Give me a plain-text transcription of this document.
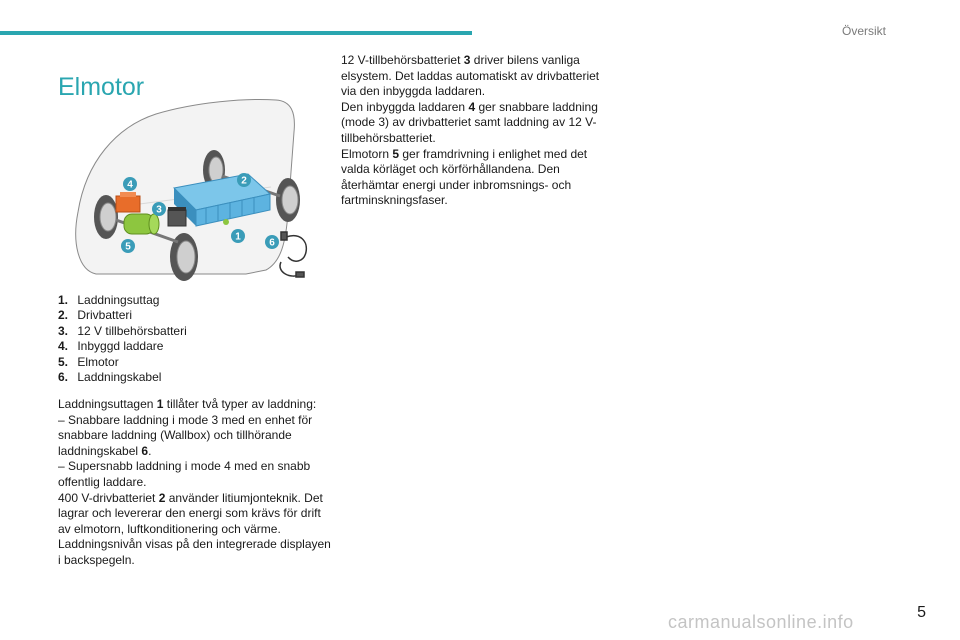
Översikt
Elmotor
1
2
3
4
5	6
1. Laddningsuttag
2. Drivbatteri
3. 12 V tillbehörsbatteri
4. Inbyggd laddare
5. Elmotor
6. Laddningskabel

Laddningsuttagen 1 tillåter två typer av laddning:

– Snabbare laddning i mode 3 med en enhet för snabbare laddning (Wallbox) och tillhörande laddningskabel 6.

– Supersnabb laddning i mode 4 med en snabb offentlig laddare.

400 V-drivbatteriet 2 använder litiumjonteknik. Det lagrar och levererar den energi som krävs för drift av elmotorn, luftkonditionering och värme. Laddningsnivån visas på den integrerade displayen i backspegeln.

12 V-tillbehörsbatteriet 3 driver bilens vanliga elsystem. Det laddas automatiskt av drivbatteriet via den inbyggda laddaren.

Den inbyggda laddaren 4 ger snabbare laddning (mode 3) av drivbatteriet samt laddning av 12 V-tillbehörsbatteriet.

Elmotorn 5 ger framdrivning i enlighet med det valda körläget och körförhållandena. Den återhämtar energi under inbromsnings- och fartminskningsfaser.

5
carmanualsonline.info
